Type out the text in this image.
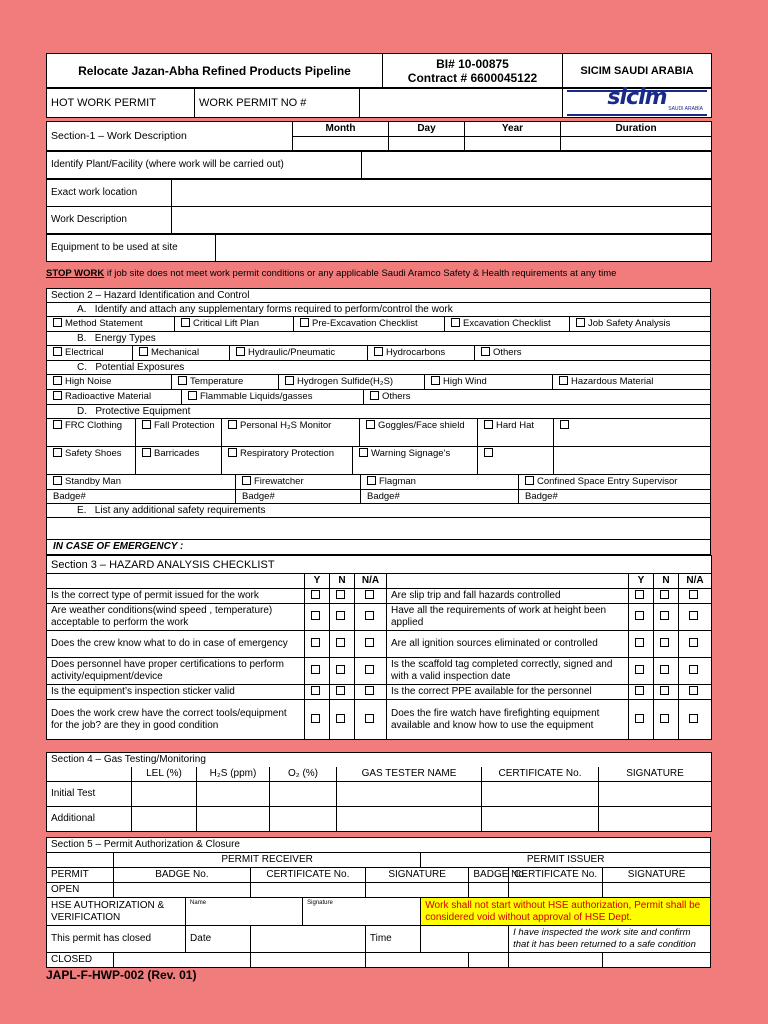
Relocate Jazan-Abha Refined Products Pipeline	BI# 10-00875
Contract # 6600045122	SICIM SAUDI ARABIA
HOT WORK PERMIT	WORK PERMIT NO #		sicim SAUDI ARABIA
Section-1 – Work Description	Month	Day	Year	Duration

Identify Plant/Facility (where work will be carried out)	
Exact work location	
Work Description	
Equipment to be used at site	
STOP WORK if job site does not meet work permit conditions or any applicable Saudi Aramco Safety & Health requirements at any time
Section 2 – Hazard Identification and Control
A. Identify and attach any supplementary forms required to perform/control the work
Method Statement	Critical Lift Plan	Pre-Excavation Checklist	Excavation Checklist	Job Safety Analysis
B. Energy Types
Electrical	Mechanical	Hydraulic/Pneumatic	Hydrocarbons	Others
C. Potential Exposures
High Noise	Temperature	Hydrogen Sulfide(H₂S)	High Wind	Hazardous Material
Radioactive Material	Flammable Liquids/gasses	Others
D. Protective Equipment
FRC Clothing	Fall Protection	Personal H₂S Monitor	Goggles/Face shield	Hard Hat
Safety Shoes	Barricades	Respiratory Protection	Warning Signage’s
Standby Man	Firewatcher	Flagman	Confined Space Entry Supervisor
Badge#	Badge#	Badge#	Badge#
E. List any additional safety requirements
IN CASE OF EMERGENCY :
Section 3 – HAZARD ANALYSIS CHECKLIST							
	Y	N	N/A		Y	N	N/A
Is the correct type of permit issued for the work				Are slip trip and fall hazards controlled			
Are weather conditions(wind speed , temperature) acceptable to perform the work				Have all the requirements of work at height been applied			
Does the crew know what to do in case of emergency				Are all ignition sources eliminated or controlled			
Does personnel have proper certifications to perform activity/equipment/device				Is the scaffold tag completed correctly, signed and with a valid inspection date			
Is the equipment’s inspection sticker valid				Is the correct PPE available for the personnel			
Does the work crew have the correct tools/equipment for the job? are they in good condition				Does the fire watch have firefighting equipment available and know how to use the equipment			
Section 4 – Gas Testing/Monitoring						
	LEL (%)	H₂S (ppm)	O₂ (%)	GAS TESTER NAME	CERTIFICATE No.	SIGNATURE
Initial Test						
Additional						
Section 5 – Permit Authorization & Closure									
	PERMIT RECEIVER					PERMIT ISSUER			
PERMIT	BADGE No.		CERTIFICATE No.		SIGNATURE		BADGE No.	CERTIFICATE No.	SIGNATURE
OPEN									
HSE AUTHORIZATION & VERIFICATION		Name		Signature		Work shall not start without HSE authorization, Permit shall be considered void without approval of HSE Dept.			
This permit has closed		Date			Time			I have inspected the work site and confirm that it has been returned to a safe condition	
CLOSED									
JAPL-F-HWP-002 (Rev. 01)
